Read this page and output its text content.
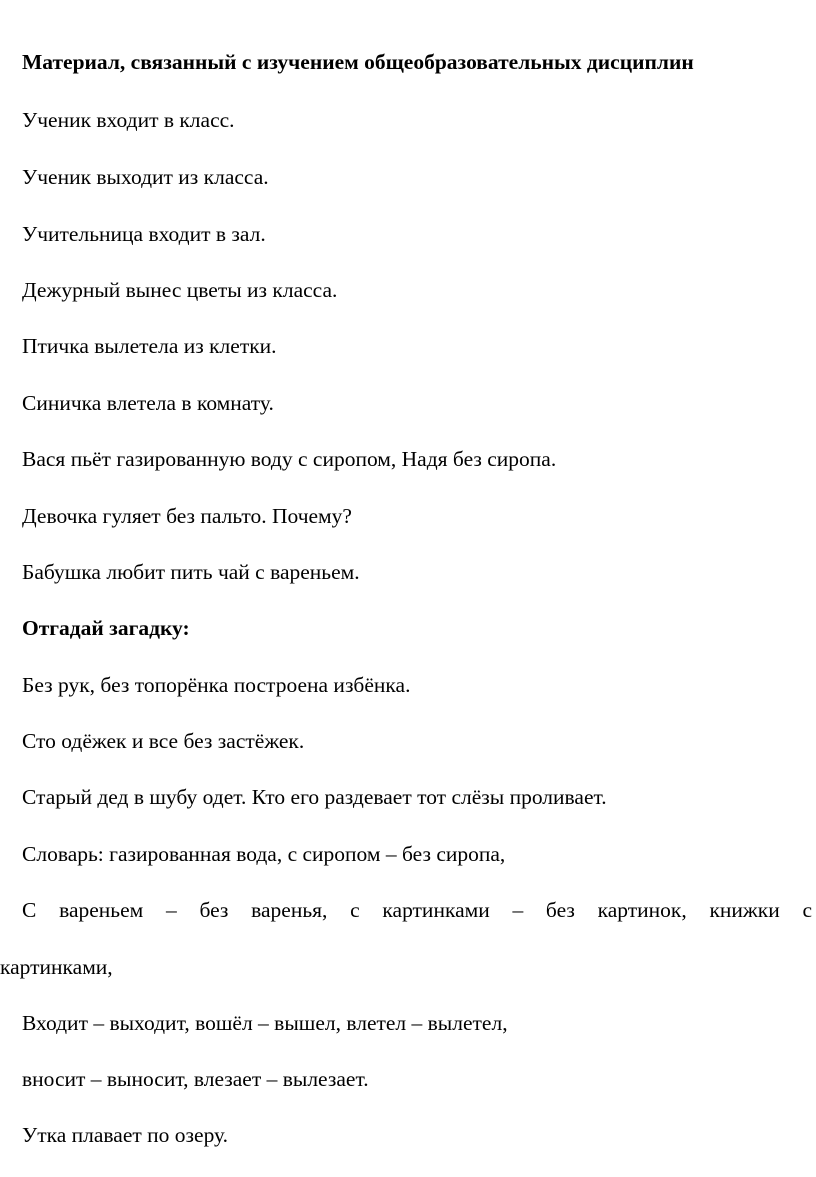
Материал, связанный с изучением общеобразовательных дисциплин
Ученик входит в класс.
Ученик выходит из класса.
Учительница входит в зал.
Дежурный вынес цветы из класса.
Птичка вылетела из клетки.
Синичка влетела в комнату.
Вася пьёт газированную воду с сиропом, Надя без сиропа.
Девочка гуляет без пальто. Почему?
Бабушка любит пить чай с вареньем.
Отгадай загадку:
Без рук, без топорёнка построена избёнка.
Сто одёжек и все без застёжек.
Старый дед в шубу одет. Кто его раздевает тот слёзы проливает.
Словарь: газированная вода, с сиропом – без сиропа,
С вареньем – без варенья, с картинками – без картинок, книжки с
картинками,
Входит – выходит, вошёл – вышел, влетел – вылетел,
вносит – выносит, влезает – вылезает.
Утка плавает по озеру.
